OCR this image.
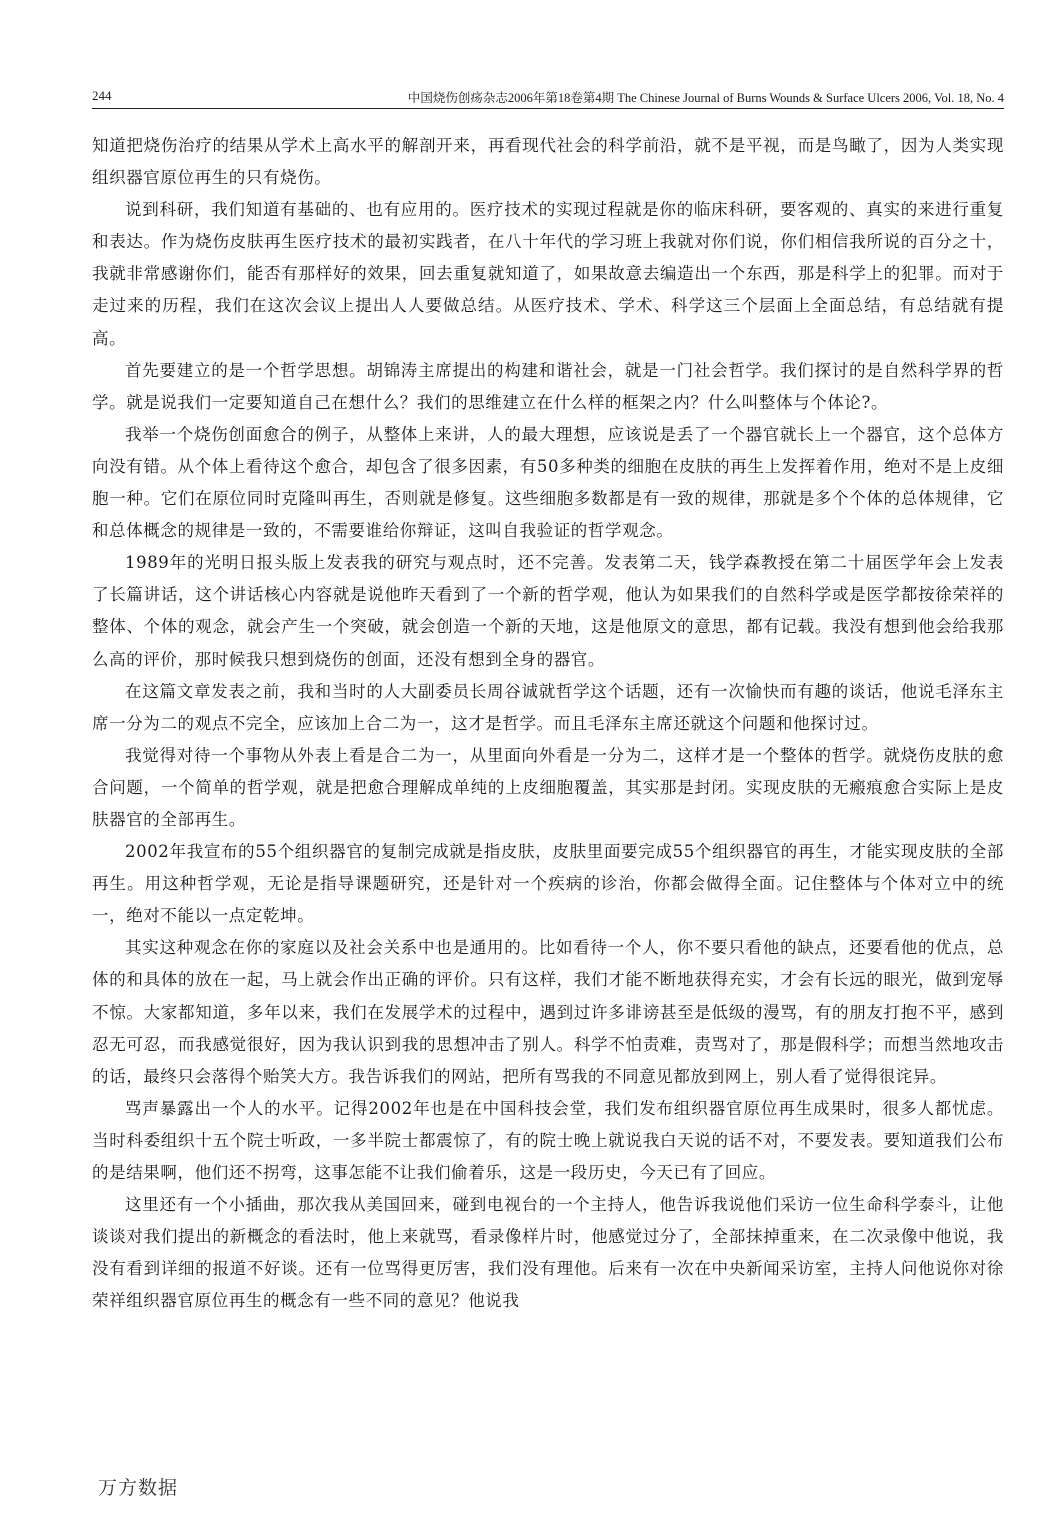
244	中国烧伤创疡杂志2006年第18卷第4期 The Chinese Journal of Burns Wounds & Surface Ulcers 2006, Vol. 18, No. 4

知道把烧伤治疗的结果从学术上高水平的解剖开来，再看现代社会的科学前沿，就不是平视，而是鸟瞰了，因为人类实现组织器官原位再生的只有烧伤。

说到科研，我们知道有基础的、也有应用的。医疗技术的实现过程就是你的临床科研，要客观的、真实的来进行重复和表达。作为烧伤皮肤再生医疗技术的最初实践者，在八十年代的学习班上我就对你们说，你们相信我所说的百分之十，我就非常感谢你们，能否有那样好的效果，回去重复就知道了，如果故意去编造出一个东西，那是科学上的犯罪。而对于走过来的历程，我们在这次会议上提出人人要做总结。从医疗技术、学术、科学这三个层面上全面总结，有总结就有提高。

首先要建立的是一个哲学思想。胡锦涛主席提出的构建和谐社会，就是一门社会哲学。我们探讨的是自然科学界的哲学。就是说我们一定要知道自己在想什么？我们的思维建立在什么样的框架之内？什么叫整体与个体论?。

我举一个烧伤创面愈合的例子，从整体上来讲，人的最大理想，应该说是丢了一个器官就长上一个器官，这个总体方向没有错。从个体上看待这个愈合，却包含了很多因素，有50多种类的细胞在皮肤的再生上发挥着作用，绝对不是上皮细胞一种。它们在原位同时克隆叫再生，否则就是修复。这些细胞多数都是有一致的规律，那就是多个个体的总体规律，它和总体概念的规律是一致的，不需要谁给你辩证，这叫自我验证的哲学观念。

1989年的光明日报头版上发表我的研究与观点时，还不完善。发表第二天，钱学森教授在第二十届医学年会上发表了长篇讲话，这个讲话核心内容就是说他昨天看到了一个新的哲学观，他认为如果我们的自然科学或是医学都按徐荣祥的整体、个体的观念，就会产生一个突破，就会创造一个新的天地，这是他原文的意思，都有记载。我没有想到他会给我那么高的评价，那时候我只想到烧伤的创面，还没有想到全身的器官。

在这篇文章发表之前，我和当时的人大副委员长周谷诚就哲学这个话题，还有一次愉快而有趣的谈话，他说毛泽东主席一分为二的观点不完全，应该加上合二为一，这才是哲学。而且毛泽东主席还就这个问题和他探讨过。

我觉得对待一个事物从外表上看是合二为一，从里面向外看是一分为二，这样才是一个整体的哲学。就烧伤皮肤的愈合问题，一个简单的哲学观，就是把愈合理解成单纯的上皮细胞覆盖，其实那是封闭。实现皮肤的无瘢痕愈合实际上是皮肤器官的全部再生。

2002年我宣布的55个组织器官的复制完成就是指皮肤，皮肤里面要完成55个组织器官的再生，才能实现皮肤的全部再生。用这种哲学观，无论是指导课题研究，还是针对一个疾病的诊治，你都会做得全面。记住整体与个体对立中的统一，绝对不能以一点定乾坤。

其实这种观念在你的家庭以及社会关系中也是通用的。比如看待一个人，你不要只看他的缺点，还要看他的优点，总体的和具体的放在一起，马上就会作出正确的评价。只有这样，我们才能不断地获得充实，才会有长远的眼光，做到宠辱不惊。大家都知道，多年以来，我们在发展学术的过程中，遇到过许多诽谤甚至是低级的漫骂，有的朋友打抱不平，感到忍无可忍，而我感觉很好，因为我认识到我的思想冲击了别人。科学不怕责难，责骂对了，那是假科学；而想当然地攻击的话，最终只会落得个贻笑大方。我告诉我们的网站，把所有骂我的不同意见都放到网上，别人看了觉得很诧异。

骂声暴露出一个人的水平。记得2002年也是在中国科技会堂，我们发布组织器官原位再生成果时，很多人都忧虑。当时科委组织十五个院士听政，一多半院士都震惊了，有的院士晚上就说我白天说的话不对，不要发表。要知道我们公布的是结果啊，他们还不拐弯，这事怎能不让我们偷着乐，这是一段历史，今天已有了回应。

这里还有一个小插曲，那次我从美国回来，碰到电视台的一个主持人，他告诉我说他们采访一位生命科学泰斗，让他谈谈对我们提出的新概念的看法时，他上来就骂，看录像样片时，他感觉过分了，全部抹掉重来，在二次录像中他说，我没有看到详细的报道不好谈。还有一位骂得更厉害，我们没有理他。后来有一次在中央新闻采访室，主持人问他说你对徐荣祥组织器官原位再生的概念有一些不同的意见？他说我

万方数据
